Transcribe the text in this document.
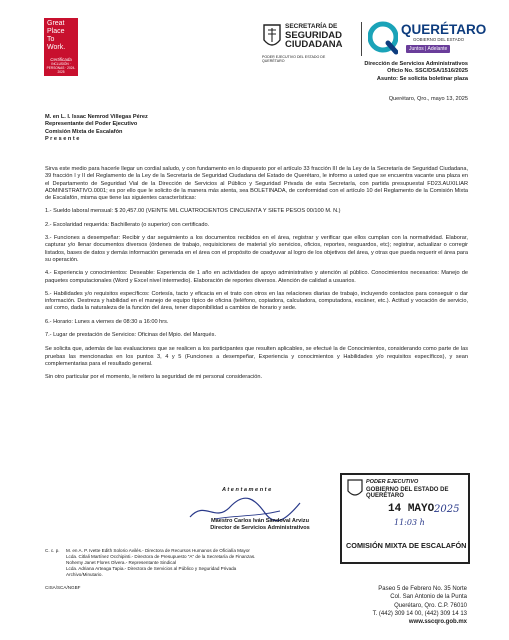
Great
Place
To
Work.
Certificada
INCLUSIÓN · PERSONAS · 2024-2025
SECRETARÍA DE
SEGURIDAD
CIUDADANA
PODER EJECUTIVO DEL ESTADO DE QUERÉTARO
QUERÉTARO
GOBIERNO DEL ESTADO
Juntos | Adelante
Dirección de Servicios Administrativos
Oficio No. SSC/DSA/1516/2025
Asunto: Se solicita boletinar plaza
Querétaro, Qro., mayo 13, 2025
M. en L. I. Issac Nemrod Villegas Pérez
Representante del Poder Ejecutivo
Comisión Mixta de Escalafón
P r e s e n t e

Sirva este medio para hacerle llegar un cordial saludo, y con fundamento en lo dispuesto por el artículo 33 fracción III de la Ley de la Secretaría de Seguridad Ciudadana, 39 fracción I y II del Reglamento de la Ley de la Secretaría de Seguridad Ciudadana del Estado de Querétaro, le informo a usted que se encuentra vacante una plaza en el Departamento de Seguridad Vial de la Dirección de Servicios al Público y Seguridad Privada de esta Secretaría, con partida presupuestal FD23.AUXILIAR ADMINISTRATIVO.0001; es por ello que le solicito de la manera más atenta, sea BOLETINADA, de conformidad con el artículo 10 del Reglamento de la Comisión Mixta de Escalafón, misma que tiene las siguientes características:

1.- Sueldo laboral mensual: $ 20,457.00 (VEINTE MIL CUATROCIENTOS CINCUENTA Y SIETE PESOS 00/100 M. N.)

2.- Escolaridad requerida: Bachillerato (o superior) con certificado.

3.- Funciones a desempeñar: Recibir y dar seguimiento a los documentos recibidos en el área, registrar y verificar que ellos cumplan con la normatividad. Elaborar, capturar y/o llenar documentos diversos (órdenes de trabajo, requisiciones de material y/o servicios, oficios, reportes, resguardos, etc); registrar, actualizar o corregir listados, bases de datos y demás información generada en el área con el propósito de coadyuvar al logro de los objetivos del área, y otras que pueda requerir el área para su operación.

4.- Experiencia y conocimientos: Deseable: Experiencia de 1 año en actividades de apoyo administrativo y atención al público. Conocimientos necesarios: Manejo de paquetes computacionales (Word y Excel nivel intermedio). Elaboración de reportes diversos. Atención de calidad a usuarios.

5.- Habilidades y/o requisitos específicos: Cortesía, tacto y eficacia en el trato con otros en las relaciones diarias de trabajo, incluyendo contactos para conseguir o dar información. Destreza y habilidad en el manejo de equipo típico de oficina (teléfono, copiadora, calculadora, computadora, escáner, etc.). Actitud y vocación de servicio, así como, dada la naturaleza de la función del área, tener disponibilidad a cambios de horario y sede.

6.- Horario: Lunes a viernes de 08:30 a 16:00 hrs.

7.- Lugar de prestación de Servicios: Oficinas del Mpio. del Marqués.

Se solicita que, además de las evaluaciones que se realicen a los participantes que resulten aplicables, se efectué la de Conocimientos, considerando como parte de las pruebas las mencionadas en los puntos 3, 4 y 5 (Funciones a desempeñar, Experiencia y conocimientos y Habilidades y/o requisitos específicos), y sean complementarias para el resultado general.

Sin otro particular por el momento, le reitero la seguridad de mi personal consideración.

A t e n t a m e n t e
Maestro Carlos Iván Sandoval Arvizu
Director de Servicios Administrativos
C. c. p. M. en A. P. Ivette Edith Solorio Avilés.- Directora de Recursos Humanos de Oficialía Mayor
Lcda. Citlali Martínez Occhipinti.- Directora de Presupuesto "A" de la Secretaría de Finanzas.
Nohemy Janet Flores Olvera.- Representante Sindical
Lcda. Adriana Arteaga Tapia.- Directora de Servicios al Público y Seguridad Privada
Archivo/Minutario.
CISA/SCA/NGBF
PODER EJECUTIVO
GOBIERNO DEL ESTADO DE QUERÉTARO
14 MAYO 2025
11:03 h
COMISIÓN MIXTA DE ESCALAFÓN
Paseo 5 de Febrero No. 35 Norte
Col. San Antonio de la Punta
Querétaro, Qro. C.P. 76010
T. (442) 309 14 00, (442) 309 14 13
www.sscqro.gob.mx
